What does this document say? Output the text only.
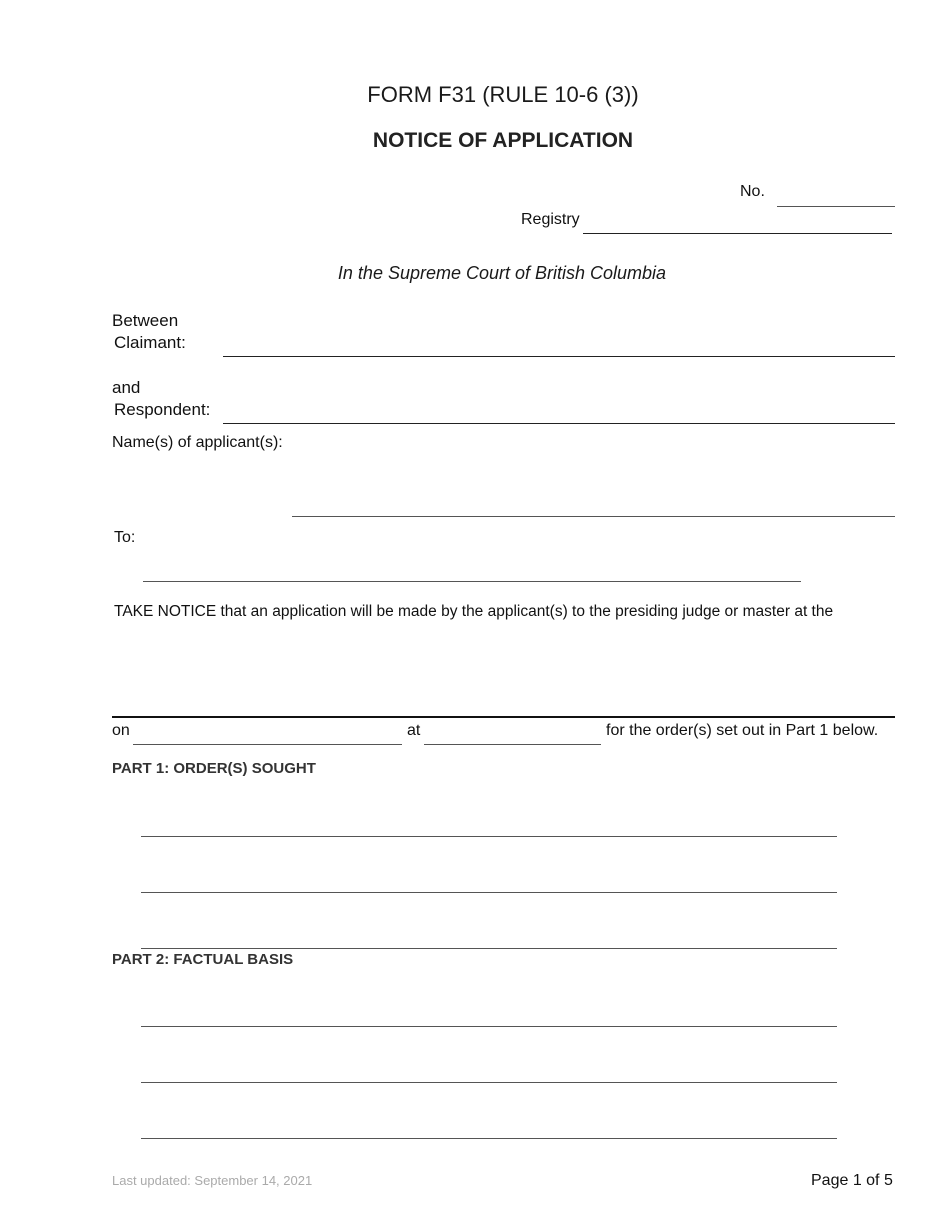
FORM F31 (RULE 10-6 (3))
NOTICE OF APPLICATION
No.
Registry
In the Supreme Court of British Columbia
Between
Claimant:
and
Respondent:
Name(s) of applicant(s):
To:
TAKE NOTICE that an application will be made by the applicant(s) to the presiding judge or master at the
on	at	for the order(s) set out in Part 1 below.
PART 1: ORDER(S) SOUGHT
PART 2: FACTUAL BASIS
Last updated: September 14, 2021	Page 1 of 5
